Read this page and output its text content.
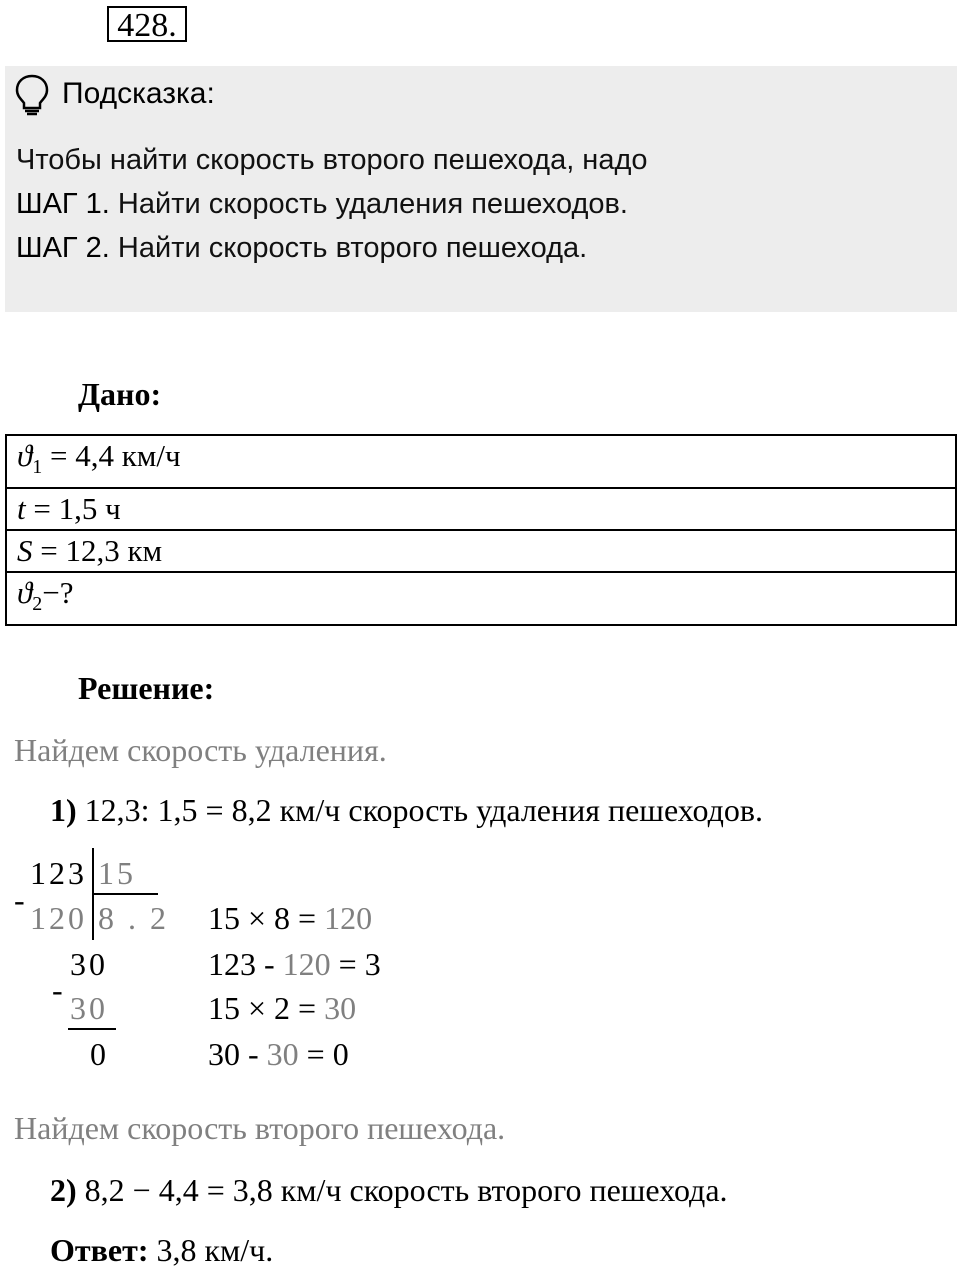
428.
Подсказка:
Чтобы найти скорость второго пешехода, надо
ШАГ 1. Найти скорость удаления пешеходов.
ШАГ 2. Найти скорость второго пешехода.
Дано:
$ϑ_1 = 4,4$ км/ч
t = 1,5 ч
S = 12,3 км
$ϑ_2-$?
Решение:
Найдем скорость удаления.
1) 12,3: 1,5 = 8,2 км/ч скорость удаления пешеходов.
123 15
- 120 8 . 2
30
- 30
0
15 × 8 = 120
123 - 120 = 3
15 × 2 = 30
30 - 30 = 0
Найдем скорость второго пешехода.
2) 8,2 − 4,4 = 3,8 км/ч скорость второго пешехода.
Ответ: 3,8 км/ч.
